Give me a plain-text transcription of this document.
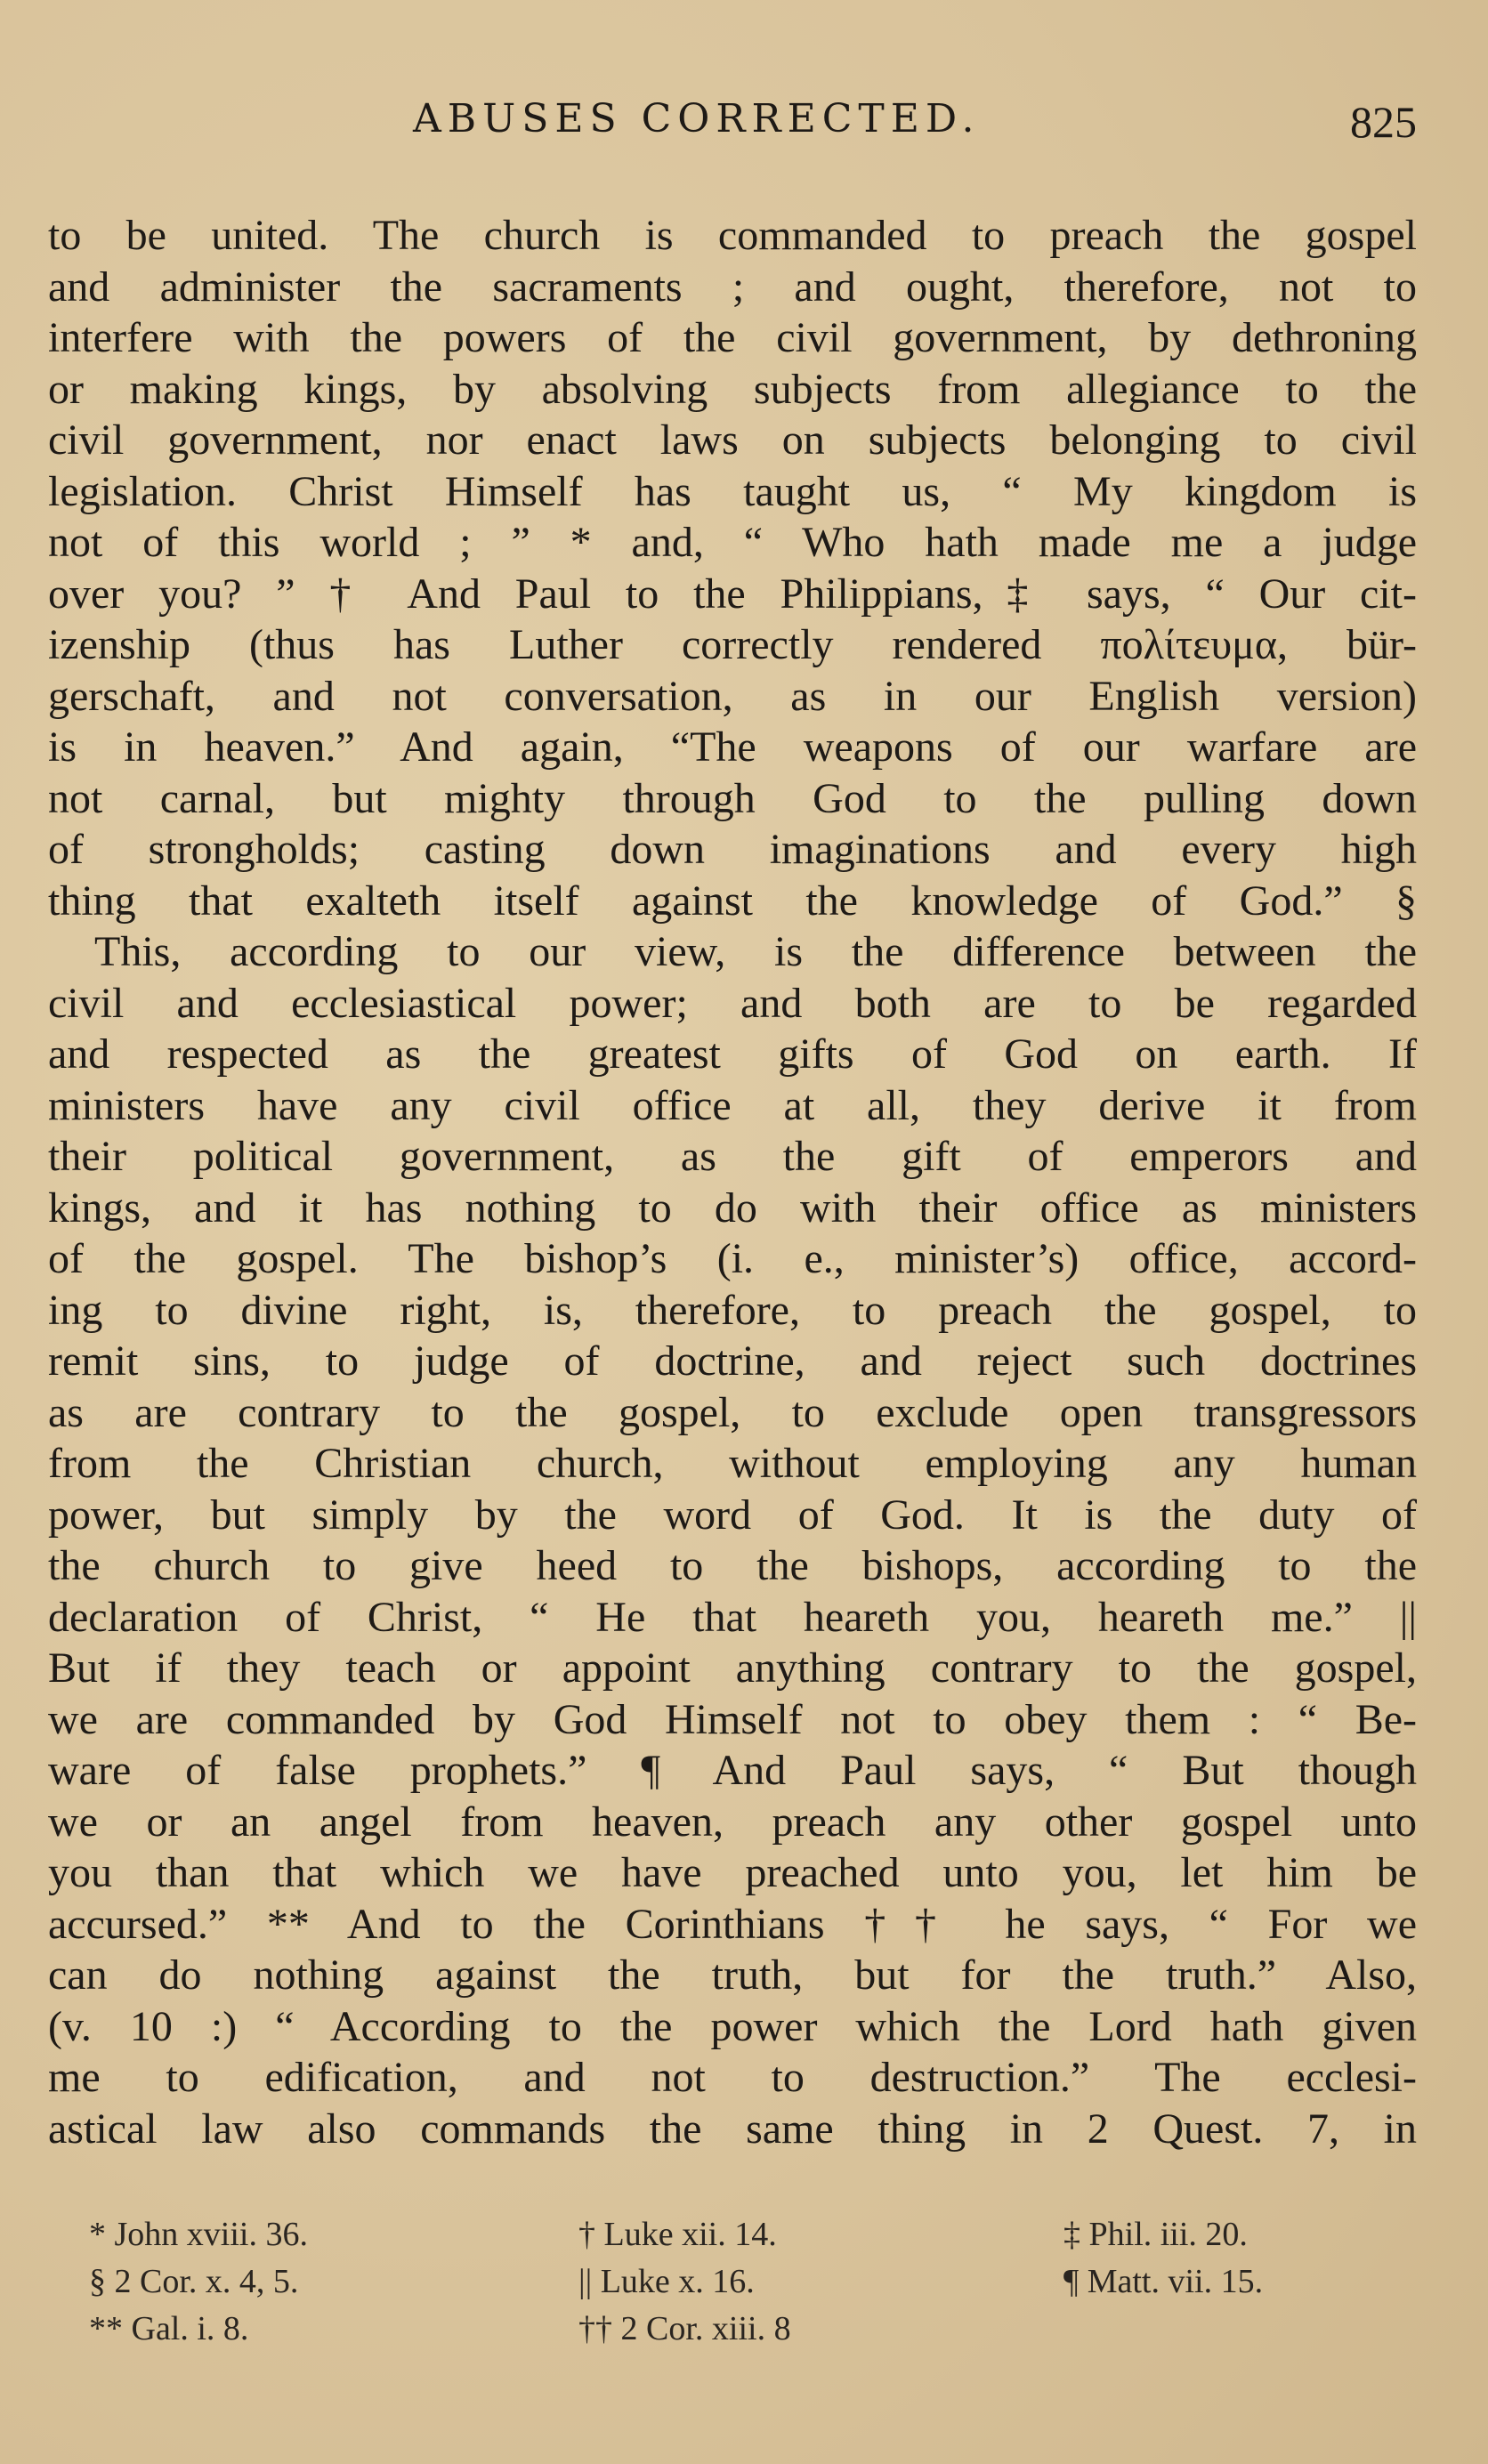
ABUSES CORRECTED.	825
to be united. The church is commanded to preach the gospel
and administer the sacraments ; and ought, therefore, not to
interfere with the powers of the civil government, by dethroning
or making kings, by absolving subjects from allegiance to the
civil government, nor enact laws on subjects belonging to civil
legislation. Christ Himself has taught us, “ My kingdom is
not of this world ; ” * and, “ Who hath made me a judge
over you? ” † And Paul to the Philippians,‡ says, “ Our cit-
izenship (thus has Luther correctly rendered πολίτευμα, bür-
gerschaft, and not conversation, as in our English version)
is in heaven.” And again, “The weapons of our warfare are
not carnal, but mighty through God to the pulling down
of strongholds; casting down imaginations and every high
thing that exalteth itself against the knowledge of God.” §
This, according to our view, is the difference between the
civil and ecclesiastical power; and both are to be regarded
and respected as the greatest gifts of God on earth. If
ministers have any civil office at all, they derive it from
their political government, as the gift of emperors and
kings, and it has nothing to do with their office as ministers
of the gospel. The bishop’s (i. e., minister’s) office, accord-
ing to divine right, is, therefore, to preach the gospel, to
remit sins, to judge of doctrine, and reject such doctrines
as are contrary to the gospel, to exclude open transgressors
from the Christian church, without employing any human
power, but simply by the word of God. It is the duty of
the church to give heed to the bishops, according to the
declaration of Christ, “ He that heareth you, heareth me.” ||
But if they teach or appoint anything contrary to the gospel,
we are commanded by God Himself not to obey them : “ Be-
ware of false prophets.” ¶ And Paul says, “ But though
we or an angel from heaven, preach any other gospel unto
you than that which we have preached unto you, let him be
accursed.” ** And to the Corinthians †† he says, “ For we
can do nothing against the truth, but for the truth.” Also,
(v. 10 :) “ According to the power which the Lord hath given
me to edification, and not to destruction.” The ecclesi-
astical law also commands the same thing in 2 Quest. 7, in
* John xviii. 36.	† Luke xii. 14.	‡ Phil. iii. 20.
§ 2 Cor. x. 4, 5.	|| Luke x. 16.	¶ Matt. vii. 15.
** Gal. i. 8.	†† 2 Cor. xiii. 8
